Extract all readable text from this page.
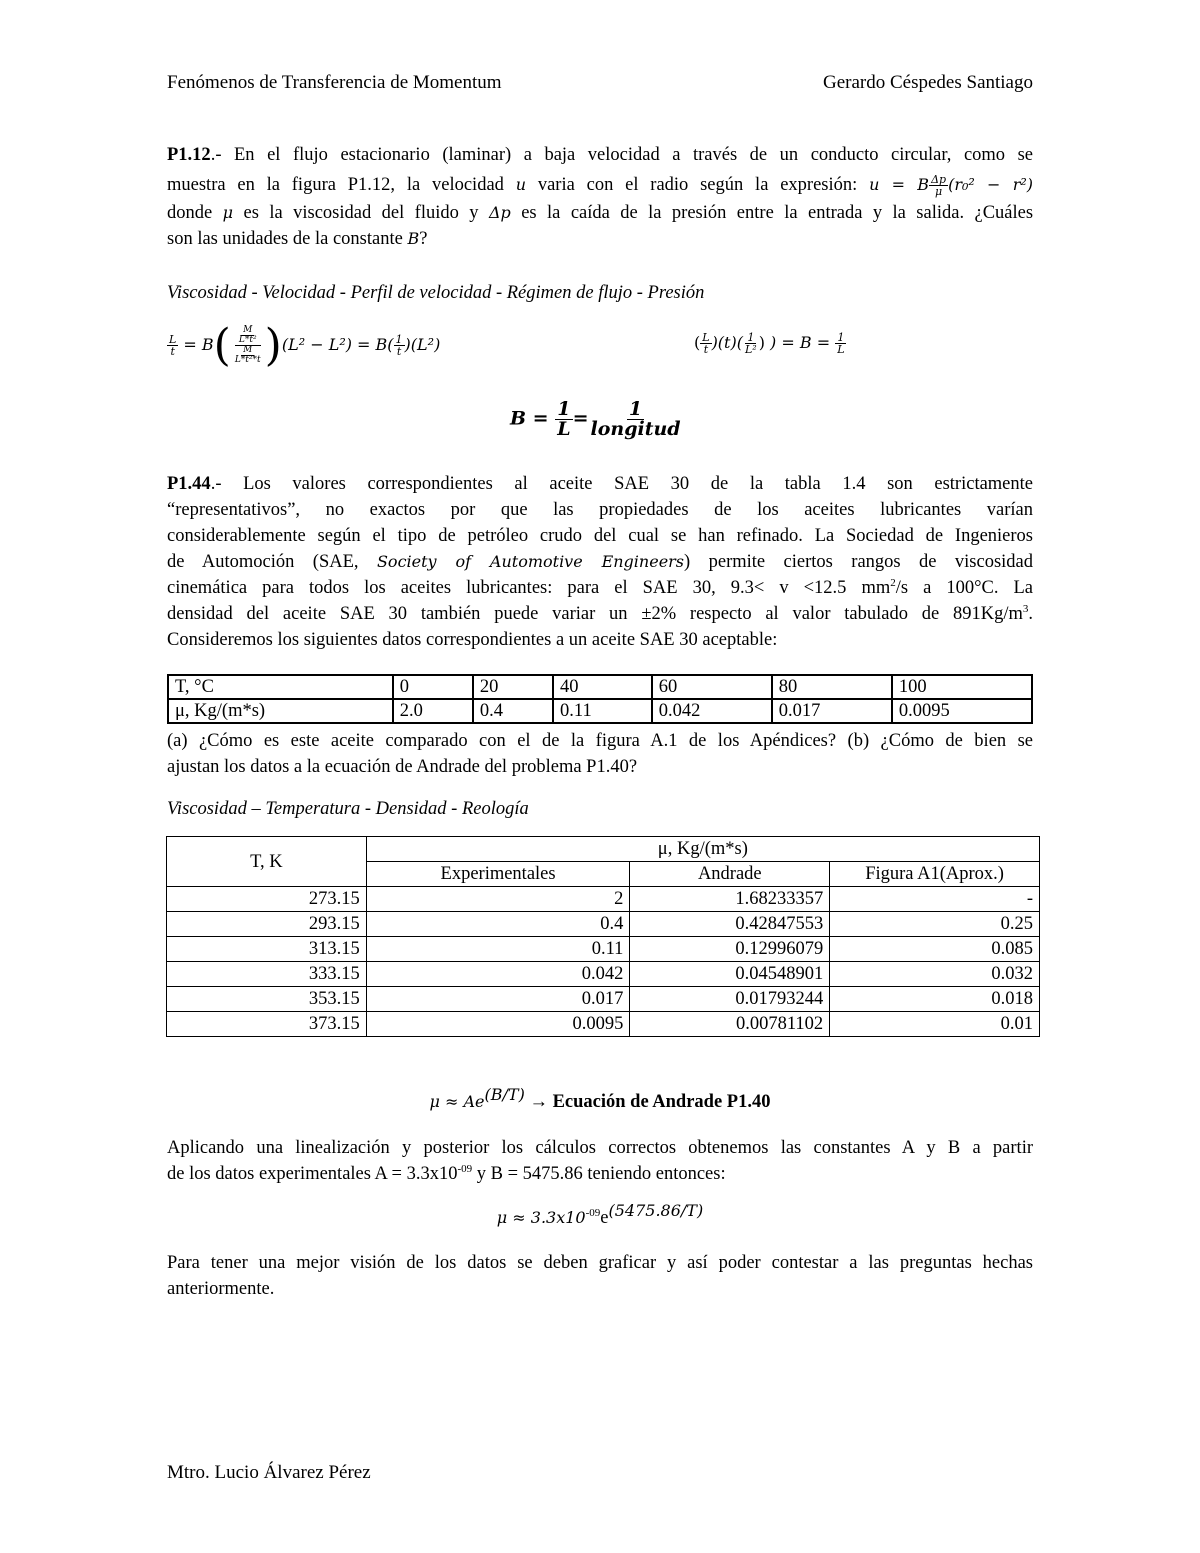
Fenómenos de Transferencia de Momentum	Gerardo Céspedes Santiago
P1.12.- En el flujo estacionario (laminar) a baja velocidad a través de un conducto circular, como se
muestra en la figura P1.12, la velocidad u varia con el radio según la expresión: u = B $\frac{\Delta p}{\mu} (r_0^2 - r^2)$
donde μ es la viscosidad del fluido y Δp es la caída de la presión entre la entrada y la salida. ¿Cuáles
son las unidades de la constante B?
Viscosidad - Velocidad - Perfil de velocidad - Régimen de flujo - Presión
$\frac{L}{t} = B( \frac{\frac{M}{\text{L*t²}}}{\frac{M}{\text{L*t²*t}}} )(L^2 - L^2) = B( \frac{1}{t} )(L^2)$	( $\frac{L}{t} )(t)( \frac{1}{\text{L²}}$ ) ) = $B = \frac{1}{L}$
$B = \frac{1}{L} = \frac{1}{\text{longitud}}$
P1.44.- Los valores correspondientes al aceite SAE 30 de la tabla 1.4 son estrictamente
“representativos”, no exactos por que las propiedades de los aceites lubricantes varían
considerablemente según el tipo de petróleo crudo del cual se han refinado. La Sociedad de Ingenieros
de Automoción (SAE, Society of Automotive Engineers) permite ciertos rangos de viscosidad
cinemática para todos los aceites lubricantes: para el SAE 30, 9.3< v <12.5 $mm^2/s$ a 100°C. La
densidad del aceite SAE 30 también puede variar un ±2% respecto al valor tabulado de $891Kg/m^3$.
Consideremos los siguientes datos correspondientes a un aceite SAE 30 aceptable:
T, °C	0	20	40	60	80	100
μ, Kg/(m*s)	2.0	0.4	0.11	0.042	0.017	0.0095
(a) ¿Cómo es este aceite comparado con el de la figura A.1 de los Apéndices? (b) ¿Cómo de bien se
ajustan los datos a la ecuación de Andrade del problema P1.40?
Viscosidad – Temperatura - Densidad - Reología
T, K	μ, Kg/(m*s)		
	Experimentales	Andrade	Figura A1(Aprox.)
273.15	2	1.68233357	-
293.15	0.4	0.42847553	0.25
313.15	0.11	0.12996079	0.085
333.15	0.042	0.04548901	0.032
353.15	0.017	0.01793244	0.018
373.15	0.0095	0.00781102	0.01
$\mu \approx Ae^{(B/T)}$ → Ecuación de Andrade P1.40
Aplicando una linealización y posterior los cálculos correctos obtenemos las constantes A y B a partir
de los datos experimentales $A = 3.3x10^{-09}$ y B = 5475.86 teniendo entonces:
$\mu \approx 3.3x10^{-09}e^{(5475.86/T)}$
Para tener una mejor visión de los datos se deben graficar y así poder contestar a las preguntas hechas
anteriormente.
Mtro. Lucio Álvarez Pérez
